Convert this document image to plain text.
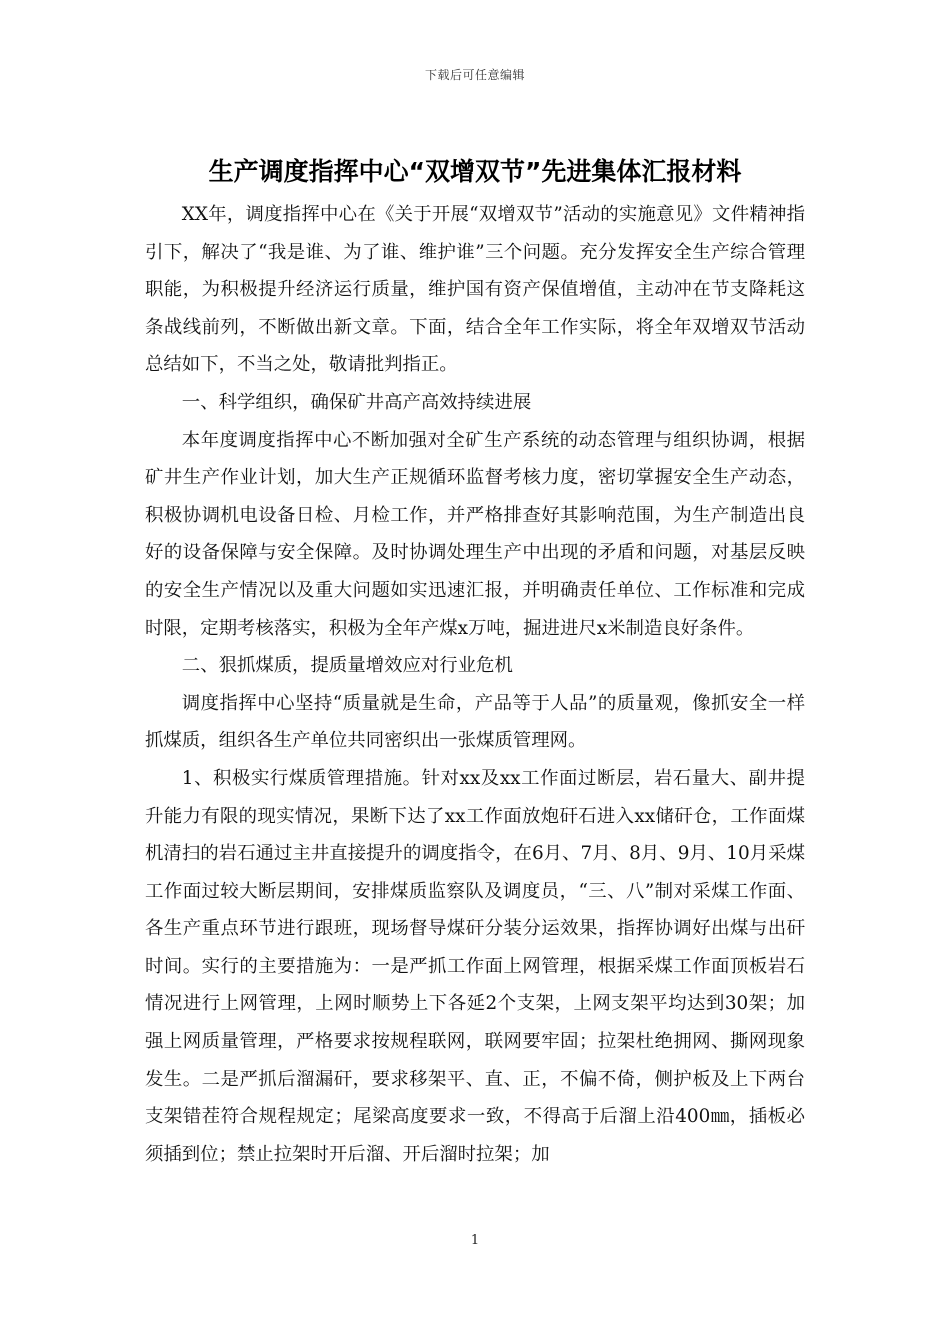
下载后可任意编辑
生产调度指挥中心“双增双节”先进集体汇报材料

XX年，调度指挥中心在《关于开展“双增双节”活动的实施意见》文件精神指引下，解决了“我是谁、为了谁、维护谁”三个问题。充分发挥安全生产综合管理职能，为积极提升经济运行质量，维护国有资产保值增值，主动冲在节支降耗这条战线前列，不断做出新文章。下面，结合全年工作实际，将全年双增双节活动总结如下，不当之处，敬请批判指正。

一、科学组织，确保矿井高产高效持续进展

本年度调度指挥中心不断加强对全矿生产系统的动态管理与组织协调，根据矿井生产作业计划，加大生产正规循环监督考核力度，密切掌握安全生产动态，积极协调机电设备日检、月检工作，并严格排查好其影响范围，为生产制造出良好的设备保障与安全保障。及时协调处理生产中出现的矛盾和问题，对基层反映的安全生产情况以及重大问题如实迅速汇报，并明确责任单位、工作标准和完成时限，定期考核落实，积极为全年产煤x万吨，掘进进尺x米制造良好条件。

二、狠抓煤质，提质量增效应对行业危机

调度指挥中心坚持“质量就是生命，产品等于人品”的质量观，像抓安全一样抓煤质，组织各生产单位共同密织出一张煤质管理网。

1、积极实行煤质管理措施。针对xx及xx工作面过断层，岩石量大、副井提升能力有限的现实情况，果断下达了xx工作面放炮矸石进入xx储矸仓，工作面煤机清扫的岩石通过主井直接提升的调度指令，在6月、7月、8月、9月、10月采煤工作面过较大断层期间，安排煤质监察队及调度员，“三、八”制对采煤工作面、各生产重点环节进行跟班，现场督导煤矸分装分运效果，指挥协调好出煤与出矸时间。实行的主要措施为：一是严抓工作面上网管理，根据采煤工作面顶板岩石情况进行上网管理，上网时顺势上下各延2个支架，上网支架平均达到30架；加强上网质量管理，严格要求按规程联网，联网要牢固；拉架杜绝拥网、撕网现象发生。二是严抓后溜漏矸，要求移架平、直、正，不偏不倚，侧护板及上下两台支架错茬符合规程规定；尾梁高度要求一致，不得高于后溜上沿400㎜，插板必须插到位；禁止拉架时开后溜、开后溜时拉架；加

1
